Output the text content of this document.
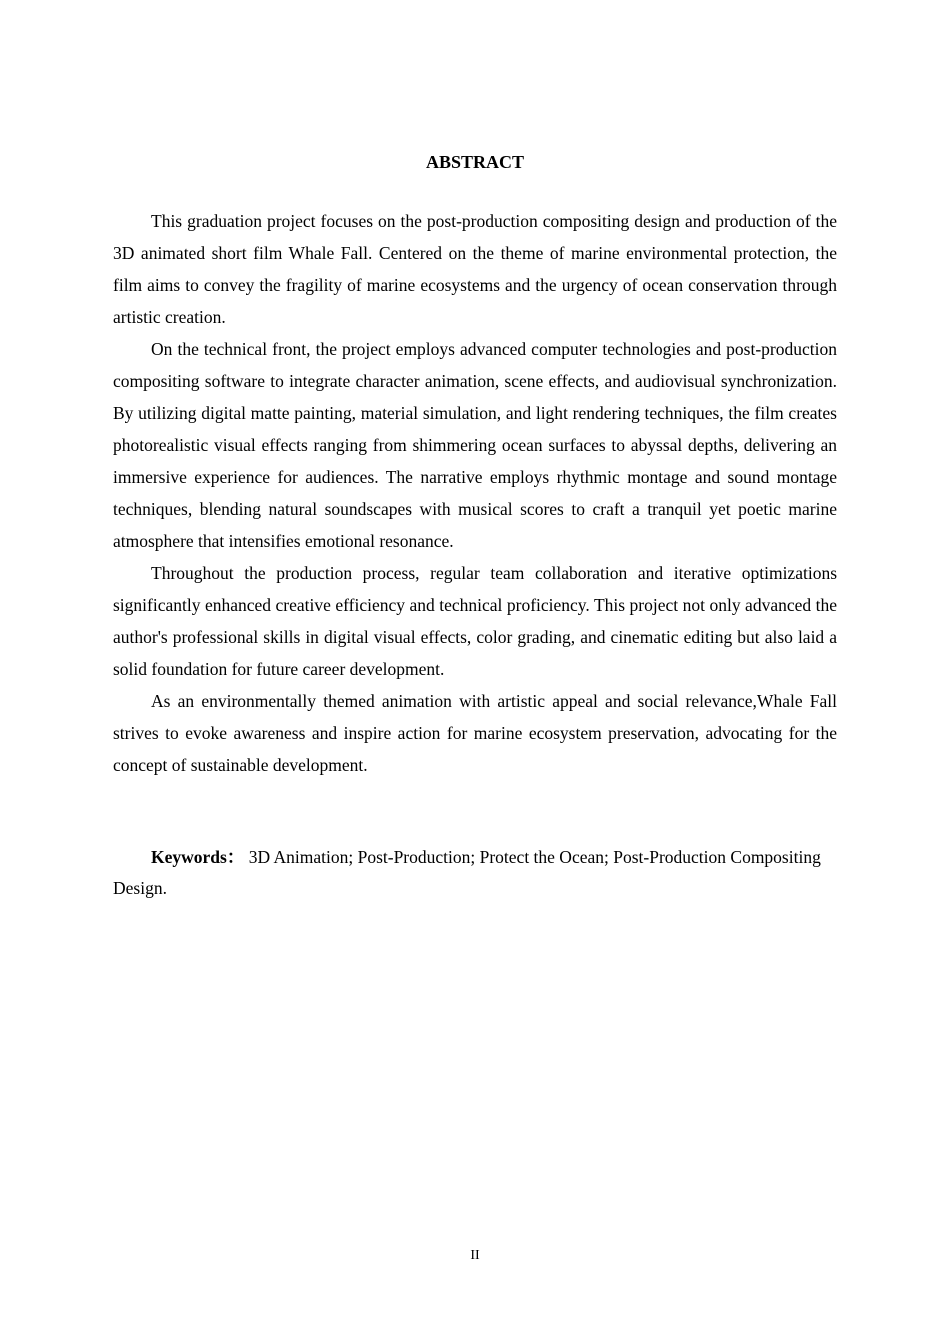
ABSTRACT

This graduation project focuses on the post-production compositing design and production of the 3D animated short film Whale Fall. Centered on the theme of marine environmental protection, the film aims to convey the fragility of marine ecosystems and the urgency of ocean conservation through artistic creation.

On the technical front, the project employs advanced computer technologies and post-production compositing software to integrate character animation, scene effects, and audiovisual synchronization. By utilizing digital matte painting, material simulation, and light rendering techniques, the film creates photorealistic visual effects ranging from shimmering ocean surfaces to abyssal depths, delivering an immersive experience for audiences. The narrative employs rhythmic montage and sound montage techniques, blending natural soundscapes with musical scores to craft a tranquil yet poetic marine atmosphere that intensifies emotional resonance.

Throughout the production process, regular team collaboration and iterative optimizations significantly enhanced creative efficiency and technical proficiency. This project not only advanced the author's professional skills in digital visual effects, color grading, and cinematic editing but also laid a solid foundation for future career development.

As an environmentally themed animation with artistic appeal and social relevance,Whale Fall strives to evoke awareness and inspire action for marine ecosystem preservation, advocating for the concept of sustainable development.

Keywords： 3D Animation; Post-Production; Protect the Ocean; Post-Production Compositing Design.
II
